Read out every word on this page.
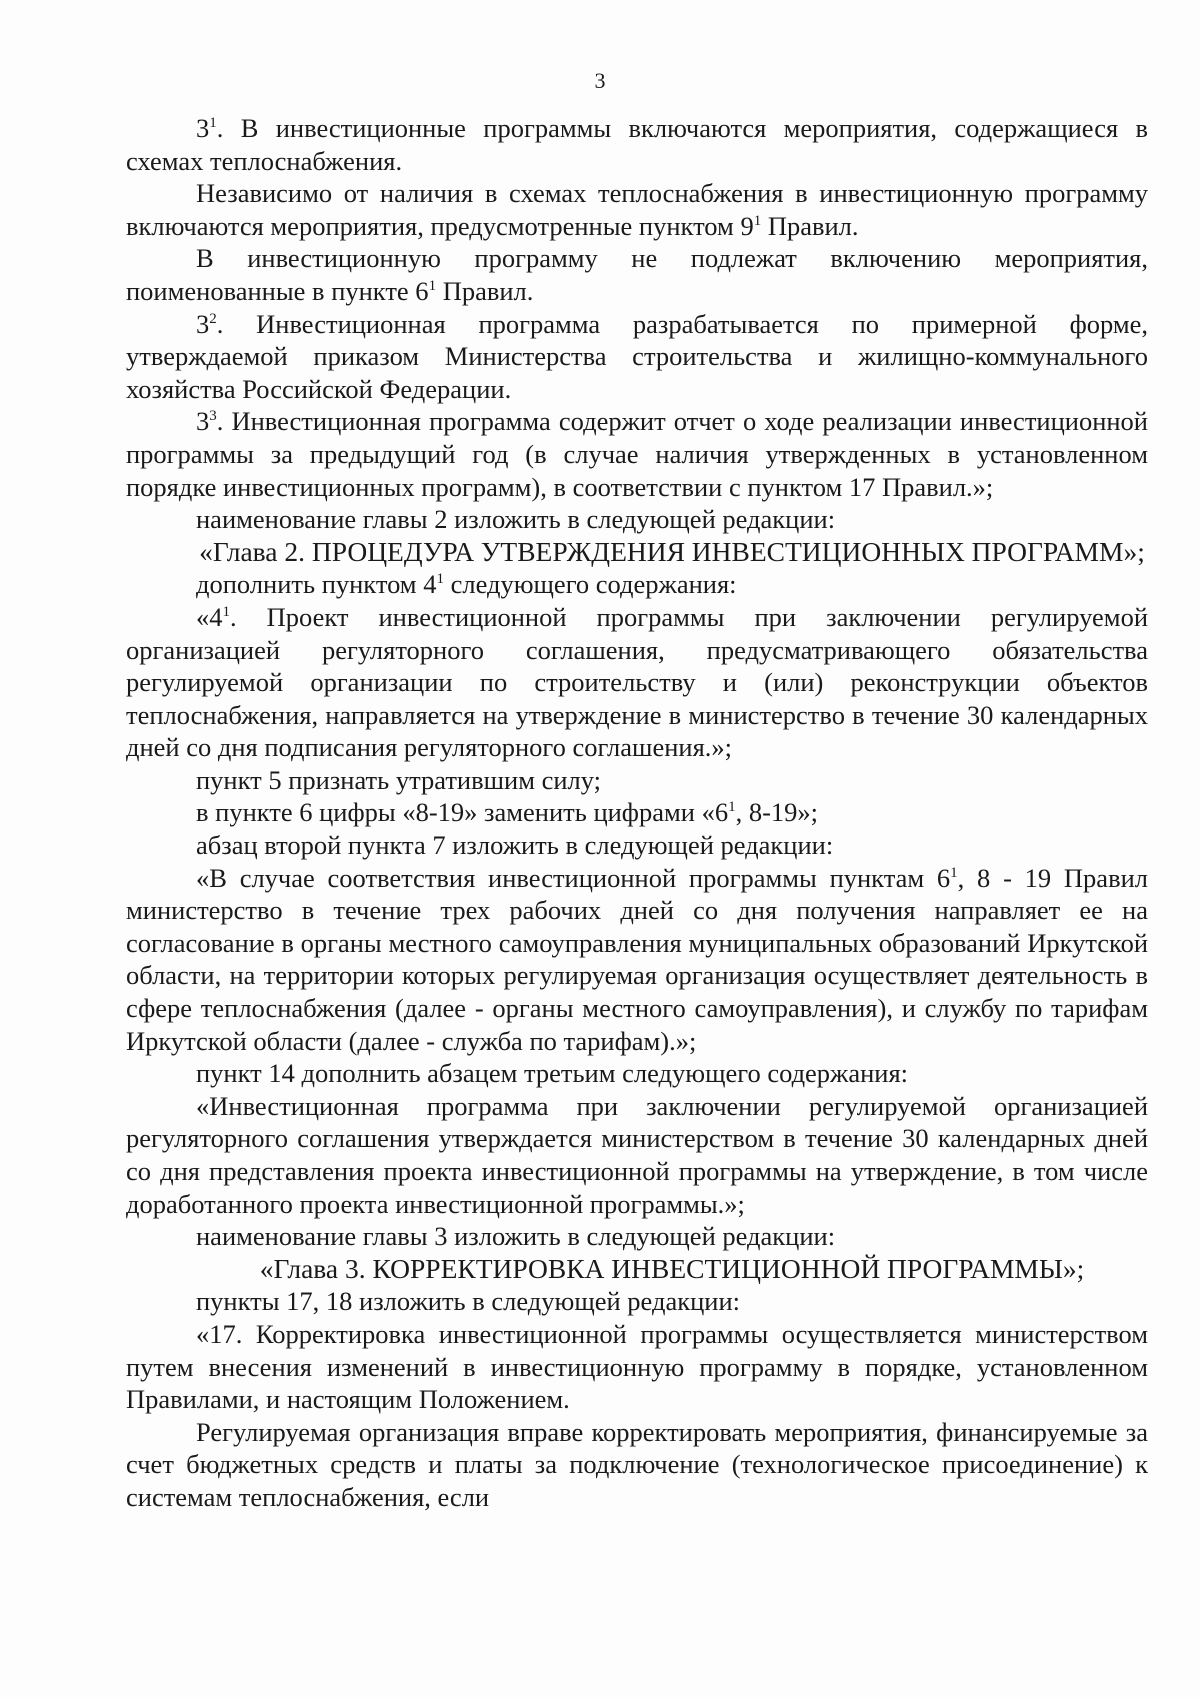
3

$3^1$. В инвестиционные программы включаются мероприятия, содержащиеся в схемах теплоснабжения.

Независимо от наличия в схемах теплоснабжения в инвестиционную программу включаются мероприятия, предусмотренные пунктом $9^1$ Правил.

В инвестиционную программу не подлежат включению мероприятия, поименованные в пункте $6^1$ Правил.

$3^2$. Инвестиционная программа разрабатывается по примерной форме, утверждаемой приказом Министерства строительства и жилищно-коммунального хозяйства Российской Федерации.

$3^3$. Инвестиционная программа содержит отчет о ходе реализации инвестиционной программы за предыдущий год (в случае наличия утвержденных в установленном порядке инвестиционных программ), в соответствии с пунктом 17 Правил.»;

наименование главы 2 изложить в следующей редакции:

«Глава 2. ПРОЦЕДУРА УТВЕРЖДЕНИЯ ИНВЕСТИЦИОННЫХ ПРОГРАММ»;

дополнить пунктом $4^1$ следующего содержания:

«$4^1$. Проект инвестиционной программы при заключении регулируемой организацией регуляторного соглашения, предусматривающего обязательства регулируемой организации по строительству и (или) реконструкции объектов теплоснабжения, направляется на утверждение в министерство в течение 30 календарных дней со дня подписания регуляторного соглашения.»;

пункт 5 признать утратившим силу;

в пункте 6 цифры «8-19» заменить цифрами «$6^1$, 8-19»;

абзац второй пункта 7 изложить в следующей редакции:

«В случае соответствия инвестиционной программы пунктам $6^1$, 8 - 19 Правил министерство в течение трех рабочих дней со дня получения направляет ее на согласование в органы местного самоуправления муниципальных образований Иркутской области, на территории которых регулируемая организация осуществляет деятельность в сфере теплоснабжения (далее - органы местного самоуправления), и службу по тарифам Иркутской области (далее - служба по тарифам).»;

пункт 14 дополнить абзацем третьим следующего содержания:

«Инвестиционная программа при заключении регулируемой организацией регуляторного соглашения утверждается министерством в течение 30 календарных дней со дня представления проекта инвестиционной программы на утверждение, в том числе доработанного проекта инвестиционной программы.»;

наименование главы 3 изложить в следующей редакции:

«Глава 3. КОРРЕКТИРОВКА ИНВЕСТИЦИОННОЙ ПРОГРАММЫ»;

пункты 17, 18 изложить в следующей редакции:

«17. Корректировка инвестиционной программы осуществляется министерством путем внесения изменений в инвестиционную программу в порядке, установленном Правилами, и настоящим Положением.

Регулируемая организация вправе корректировать мероприятия, финансируемые за счет бюджетных средств и платы за подключение (технологическое присоединение) к системам теплоснабжения, если
